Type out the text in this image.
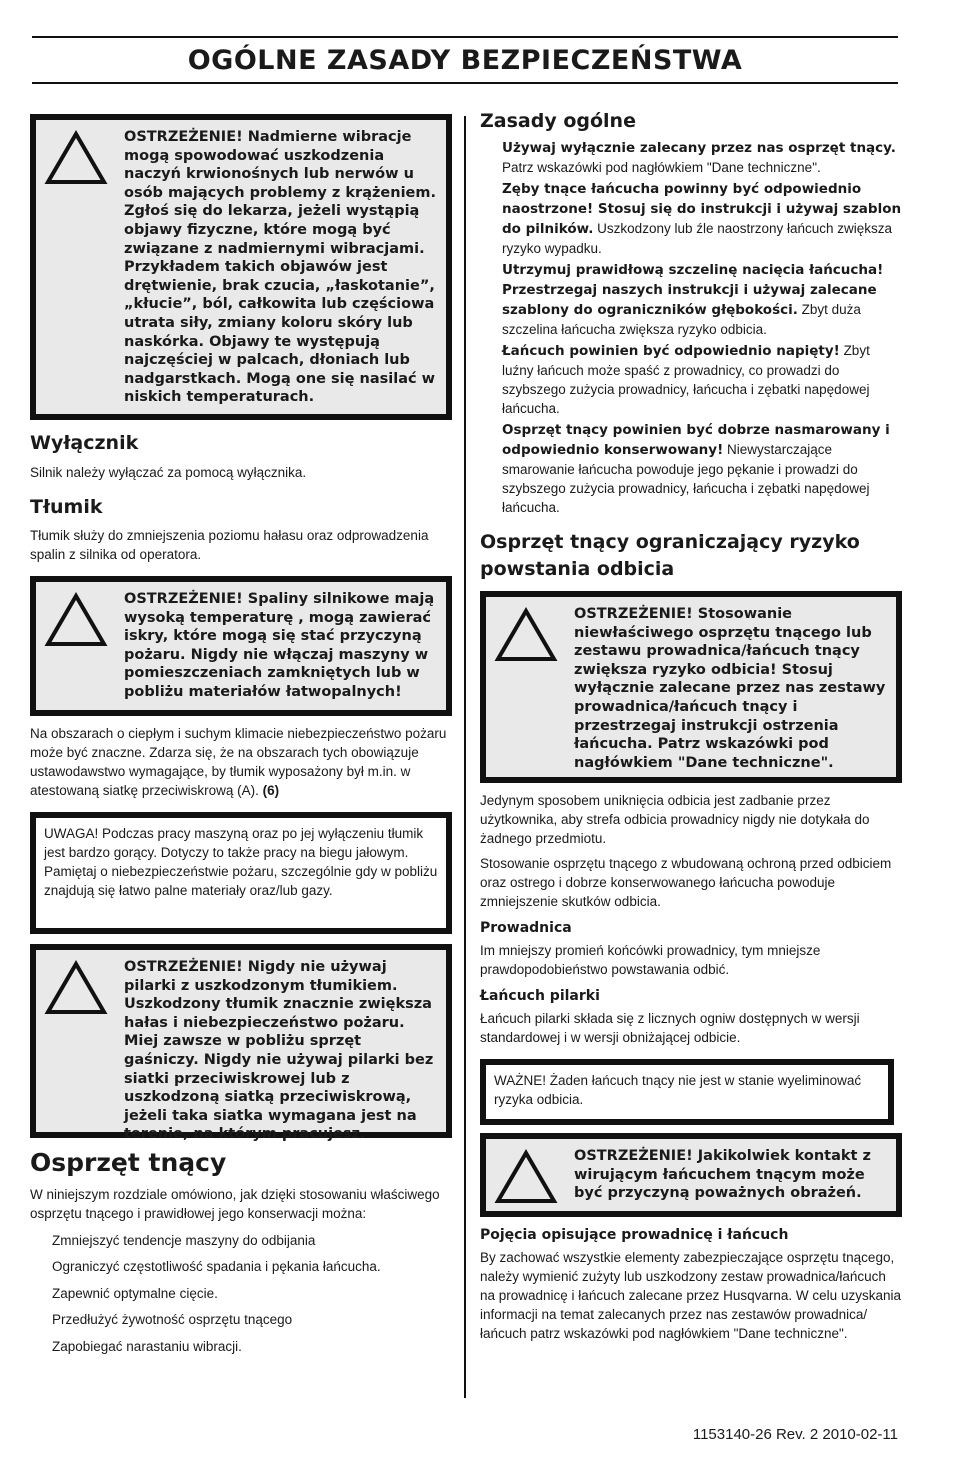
OGÓLNE ZASADY BEZPIECZEŃSTWA
OSTRZEŻENIE! Nadmierne wibracje mogą spowodować uszkodzenia naczyń krwionośnych lub nerwów u osób mających problemy z krążeniem. Zgłoś się do lekarza, jeżeli wystąpią objawy fizyczne, które mogą być związane z nadmiernymi wibracjami. Przykładem takich objawów jest drętwienie, brak czucia, „łaskotanie”, „kłucie”, ból, całkowita lub częściowa utrata siły, zmiany koloru skóry lub naskórka. Objawy te występują najczęściej w palcach, dłoniach lub nadgarstkach. Mogą one się nasilać w niskich temperaturach.
Wyłącznik

Silnik należy wyłączać za pomocą wyłącznika.

Tłumik

Tłumik służy do zmniejszenia poziomu hałasu oraz odprowadzenia spalin z silnika od operatora.

OSTRZEŻENIE! Spaliny silnikowe mają wysoką temperaturę , mogą zawierać iskry, które mogą się stać przyczyną pożaru. Nigdy nie włączaj maszyny w pomieszczeniach zamkniętych lub w pobliżu materiałów łatwopalnych!

Na obszarach o ciepłym i suchym klimacie niebezpieczeństwo pożaru może być znaczne. Zdarza się, że na obszarach tych obowiązuje ustawodawstwo wymagające, by tłumik wyposażony był m.in. w atestowaną siatkę przeciwiskrową (A). (6)

UWAGA! Podczas pracy maszyną oraz po jej wyłączeniu tłumik jest bardzo gorący. Dotyczy to także pracy na biegu jałowym. Pamiętaj o niebezpieczeństwie pożaru, szczególnie gdy w pobliżu znajdują się łatwo palne materiały oraz/lub gazy.
OSTRZEŻENIE! Nigdy nie używaj pilarki z uszkodzonym tłumikiem. Uszkodzony tłumik znacznie zwiększa hałas i niebezpieczeństwo pożaru. Miej zawsze w pobliżu sprzęt gaśniczy. Nigdy nie używaj pilarki bez siatki przeciwiskrowej lub z uszkodzoną siatką przeciwiskrową, jeżeli taka siatka wymagana jest na terenie, na którym pracujesz.
Osprzęt tnący

W niniejszym rozdziale omówiono, jak dzięki stosowaniu właściwego osprzętu tnącego i prawidłowej jego konserwacji można:

Zmniejszyć tendencje maszyny do odbijania
Ograniczyć częstotliwość spadania i pękania łańcucha.
Zapewnić optymalne cięcie.
Przedłużyć żywotność osprzętu tnącego
Zapobiegać narastaniu wibracji.
Zasady ogólne

Używaj wyłącznie zalecany przez nas osprzęt tnący. Patrz wskazówki pod nagłówkiem "Dane techniczne".

Zęby tnące łańcucha powinny być odpowiednio naostrzone! Stosuj się do instrukcji i używaj szablon do pilników. Uszkodzony lub źle naostrzony łańcuch zwiększa ryzyko wypadku.

Utrzymuj prawidłową szczelinę nacięcia łańcucha! Przestrzegaj naszych instrukcji i używaj zalecane szablony do ograniczników głębokości. Zbyt duża szczelina łańcucha zwiększa ryzyko odbicia.

Łańcuch powinien być odpowiednio napięty! Zbyt luźny łańcuch może spaść z prowadnicy, co prowadzi do szybszego zużycia prowadnicy, łańcucha i zębatki napędowej łańcucha.

Osprzęt tnący powinien być dobrze nasmarowany i odpowiednio konserwowany! Niewystarczające smarowanie łańcucha powoduje jego pękanie i prowadzi do szybszego zużycia prowadnicy, łańcucha i zębatki napędowej łańcucha.

Osprzęt tnący ograniczający ryzyko powstania odbicia
OSTRZEŻENIE! Stosowanie niewłaściwego osprzętu tnącego lub zestawu prowadnica/łańcuch tnący zwiększa ryzyko odbicia! Stosuj wyłącznie zalecane przez nas zestawy prowadnica/łańcuch tnący i przestrzegaj instrukcji ostrzenia łańcucha. Patrz wskazówki pod nagłówkiem "Dane techniczne".

Jedynym sposobem uniknięcia odbicia jest zadbanie przez użytkownika, aby strefa odbicia prowadnicy nigdy nie dotykała do żadnego przedmiotu.

Stosowanie osprzętu tnącego z wbudowaną ochroną przed odbiciem oraz ostrego i dobrze konserwowanego łańcucha powoduje zmniejszenie skutków odbicia.

Prowadnica

Im mniejszy promień końcówki prowadnicy, tym mniejsze prawdopodobieństwo powstawania odbić.

Łańcuch pilarki

Łańcuch pilarki składa się z licznych ogniw dostępnych w wersji standardowej i w wersji obniżającej odbicie.

WAŻNE! Żaden łańcuch tnący nie jest w stanie wyeliminować ryzyka odbicia.
OSTRZEŻENIE! Jakikolwiek kontakt z wirującym łańcuchem tnącym może być przyczyną poważnych obrażeń.
Pojęcia opisujące prowadnicę i łańcuch

By zachować wszystkie elementy zabezpieczające osprzętu tnącego, należy wymienić zużyty lub uszkodzony zestaw prowadnica/łańcuch na prowadnicę i łańcuch zalecane przez Husqvarna. W celu uzyskania informacji na temat zalecanych przez nas zestawów prowadnica/łańcuch patrz wskazówki pod nagłówkiem "Dane techniczne".

1153140-26 Rev. 2 2010-02-11
